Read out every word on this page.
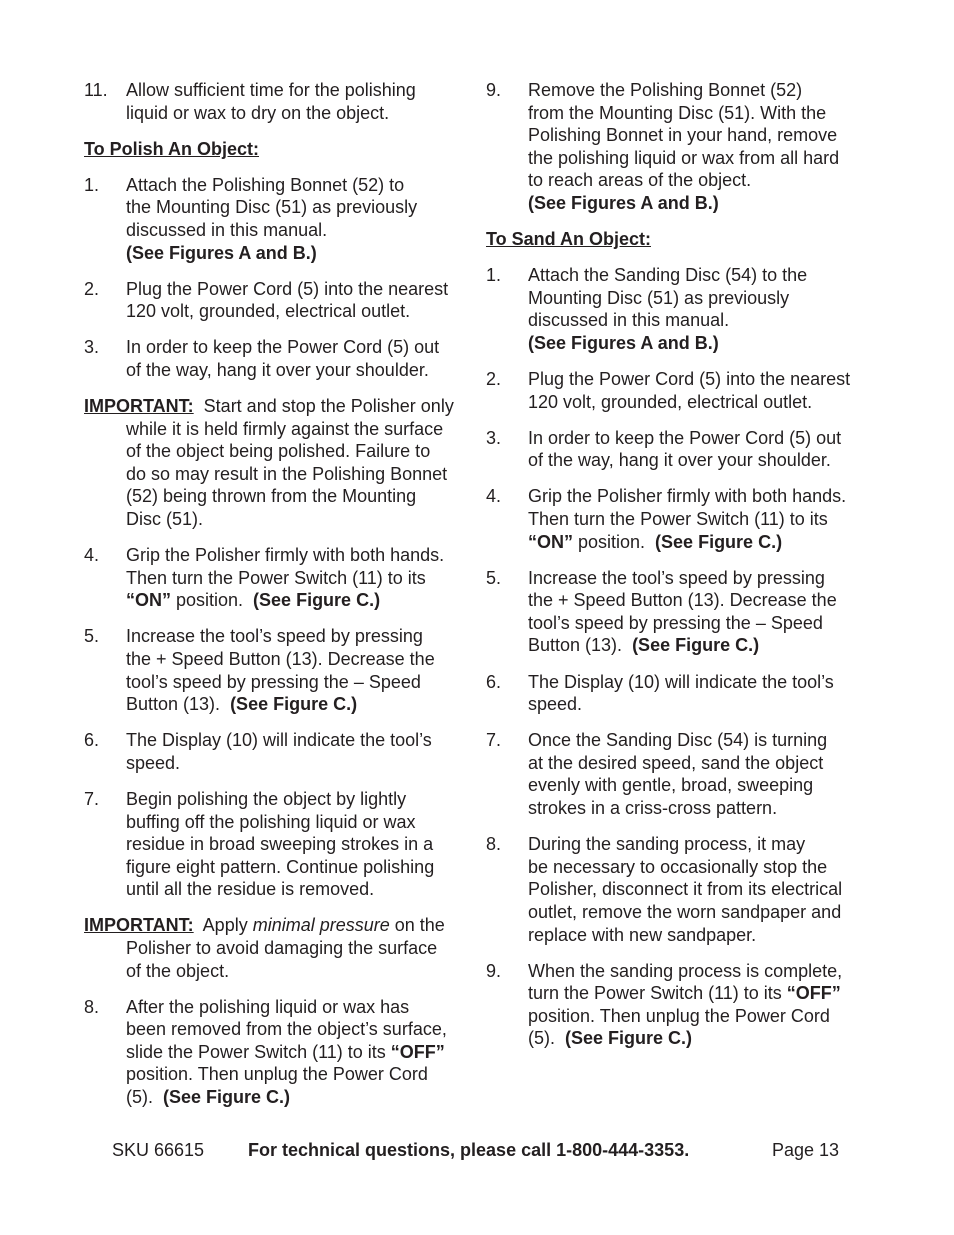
11. Allow sufficient time for the polishing
liquid or wax to dry on the object.
To Polish An Object:
1. Attach the Polishing Bonnet (52) to
the Mounting Disc (51) as previously
discussed in this manual.
(See Figures A and B.)
2. Plug the Power Cord (5) into the nearest
120 volt, grounded, electrical outlet.
3. In order to keep the Power Cord (5) out
of the way, hang it over your shoulder.
IMPORTANT: Start and stop the Polisher only
while it is held firmly against the surface
of the object being polished. Failure to
do so may result in the Polishing Bonnet
(52) being thrown from the Mounting
Disc (51).
4. Grip the Polisher firmly with both hands.
Then turn the Power Switch (11) to its
“ON” position.  (See Figure C.)
5. Increase the tool’s speed by pressing
the + Speed Button (13). Decrease the
tool’s speed by pressing the – Speed
Button (13).  (See Figure C.)
6. The Display (10) will indicate the tool’s
speed.
7. Begin polishing the object by lightly
buffing off the polishing liquid or wax
residue in broad sweeping strokes in a
figure eight pattern. Continue polishing
until all the residue is removed.
IMPORTANT: Apply minimal pressure on the
Polisher to avoid damaging the surface
of the object.
8. After the polishing liquid or wax has
been removed from the object’s surface,
slide the Power Switch (11) to its “OFF”
position. Then unplug the Power Cord
(5).  (See Figure C.)
9. Remove the Polishing Bonnet (52)
from the Mounting Disc (51). With the
Polishing Bonnet in your hand, remove
the polishing liquid or wax from all hard
to reach areas of the object.
(See Figures A and B.)
To Sand An Object:
1. Attach the Sanding Disc (54) to the
Mounting Disc (51) as previously
discussed in this manual.
(See Figures A and B.)
2. Plug the Power Cord (5) into the nearest
120 volt, grounded, electrical outlet.
3. In order to keep the Power Cord (5) out
of the way, hang it over your shoulder.
4. Grip the Polisher firmly with both hands.
Then turn the Power Switch (11) to its
“ON” position.  (See Figure C.)
5. Increase the tool’s speed by pressing
the + Speed Button (13). Decrease the
tool’s speed by pressing the – Speed
Button (13).  (See Figure C.)
6. The Display (10) will indicate the tool’s
speed.
7. Once the Sanding Disc (54) is turning
at the desired speed, sand the object
evenly with gentle, broad, sweeping
strokes in a criss-cross pattern.
8. During the sanding process, it may
be necessary to occasionally stop the
Polisher, disconnect it from its electrical
outlet, remove the worn sandpaper and
replace with new sandpaper.
9. When the sanding process is complete,
turn the Power Switch (11) to its “OFF”
position. Then unplug the Power Cord
(5).  (See Figure C.)
SKU 66615 For technical questions, please call 1-800-444-3353.	Page 13
